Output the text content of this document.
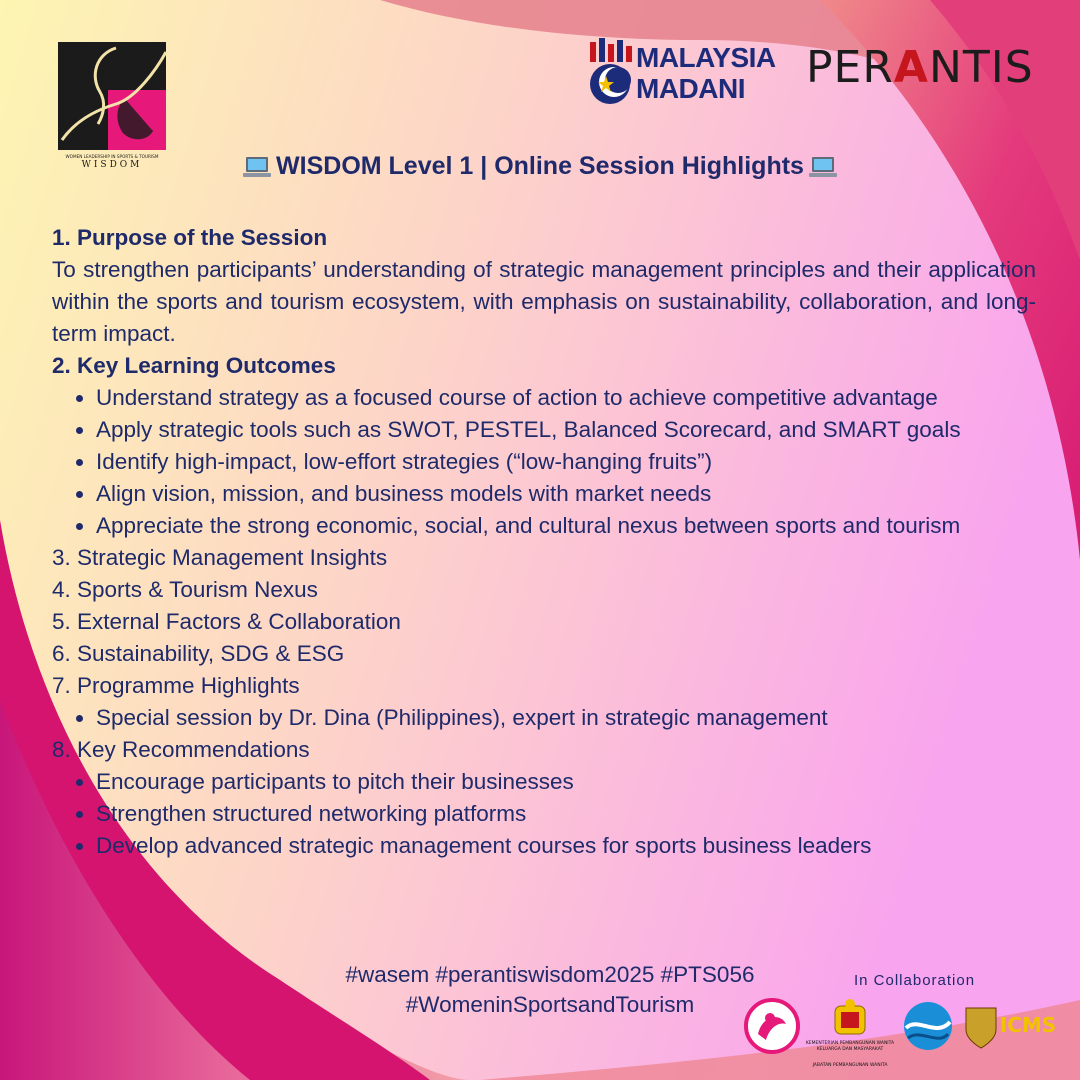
WOMEN LEADERSHIP IN SPORTS & TOURISM
WISDOM
MALAYSIA
MADANI	PERANTIS
WISDOM Level 1 | Online Session Highlights
1. Purpose of the Session

To strengthen participants’ understanding of strategic management principles and their application within the sports and tourism ecosystem, with emphasis on sustainability, collaboration, and long-term impact.

2. Key Learning Outcomes
• Understand strategy as a focused course of action to achieve competitive advantage
• Apply strategic tools such as SWOT, PESTEL, Balanced Scorecard, and SMART goals
• Identify high-impact, low-effort strategies (“low-hanging fruits”)
• Align vision, mission, and business models with market needs
• Appreciate the strong economic, social, and cultural nexus between sports and tourism
3. Strategic Management Insights
4. Sports & Tourism Nexus
5. External Factors & Collaboration
6. Sustainability, SDG & ESG
7. Programme Highlights
• Special session by Dr. Dina (Philippines), expert in strategic management
8. Key Recommendations
• Encourage participants to pitch their businesses
• Strengthen structured networking platforms
• Develop advanced strategic management courses for sports business leaders
#wasem #perantiswisdom2025 #PTS056
#WomeninSportsandTourism
In Collaboration
KEMENTERIAN PEMBANGUNAN WANITA
KELUARGA DAN MASYARAKAT
JABATAN PEMBANGUNAN WANITA
ICMS
